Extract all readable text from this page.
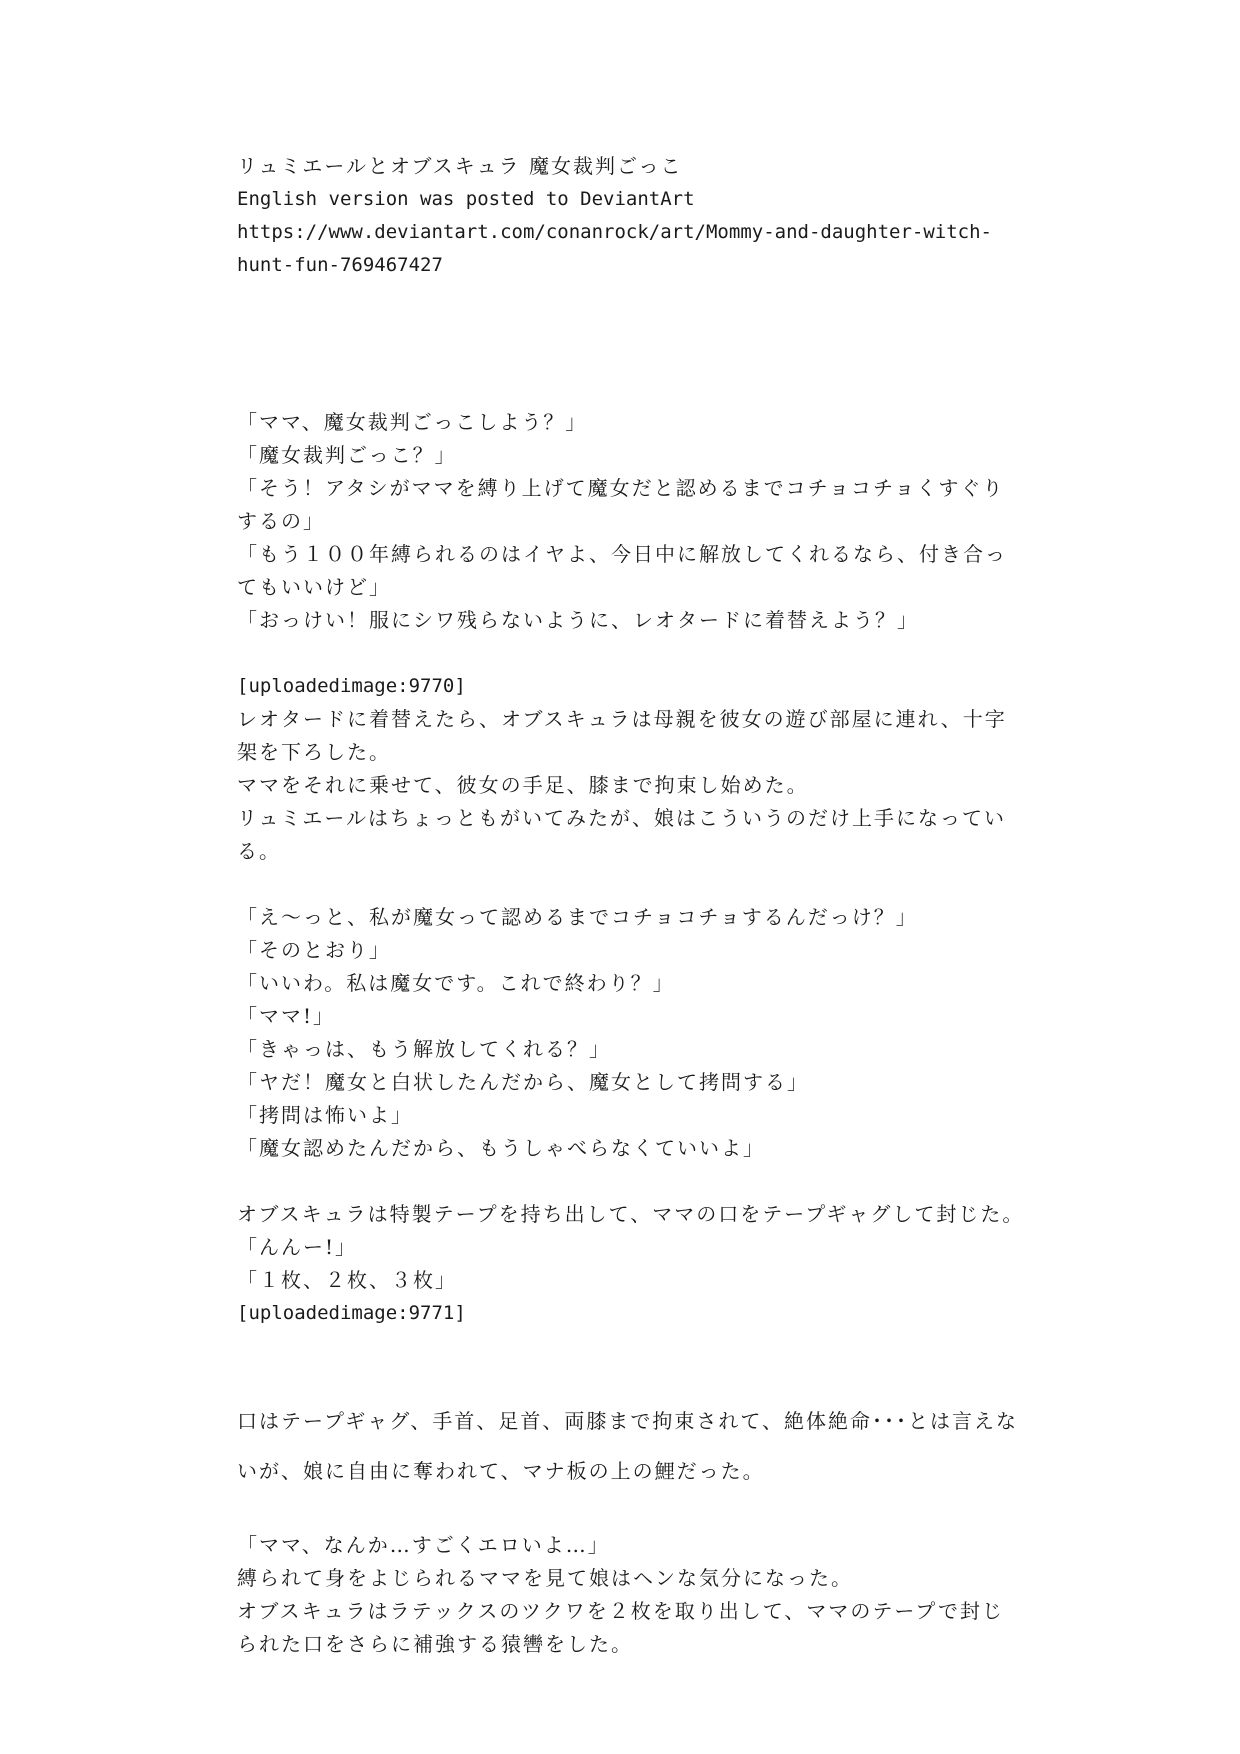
リュミエールとオブスキュラ 魔女裁判ごっこ
English version was posted to DeviantArt
https://www.deviantart.com/conanrock/art/Mommy-and-daughter-witch-
hunt-fun-769467427
「ママ、魔女裁判ごっこしよう？」
「魔女裁判ごっこ？」
「そう！アタシがママを縛り上げて魔女だと認めるまでコチョコチョくすぐり
するの」
「もう１００年縛られるのはイヤよ、今日中に解放してくれるなら、付き合っ
てもいいけど」
「おっけい！服にシワ残らないように、レオタードに着替えよう？」
[uploadedimage:9770]
レオタードに着替えたら、オブスキュラは母親を彼女の遊び部屋に連れ、十字
架を下ろした。
ママをそれに乗せて、彼女の手足、膝まで拘束し始めた。
リュミエールはちょっともがいてみたが、娘はこういうのだけ上手になってい
る。
「え～っと、私が魔女って認めるまでコチョコチョするんだっけ？」
「そのとおり」
「いいわ。私は魔女です。これで終わり？」
「ママ!」
「きゃっは、もう解放してくれる？」
「ヤだ！魔女と白状したんだから、魔女として拷問する」
「拷問は怖いよ」
「魔女認めたんだから、もうしゃべらなくていいよ」
オブスキュラは特製テープを持ち出して、ママの口をテープギャグして封じた。
「んんー!」
「１枚、２枚、３枚」
[uploadedimage:9771]
口はテープギャグ、手首、足首、両膝まで拘束されて、絶体絶命･･･とは言えな
いが、娘に自由に奪われて、マナ板の上の鯉だった。
「ママ、なんか…すごくエロいよ…」
縛られて身をよじられるママを見て娘はヘンな気分になった。
オブスキュラはラテックスのツクワを２枚を取り出して、ママのテープで封じ
られた口をさらに補強する猿轡をした。
